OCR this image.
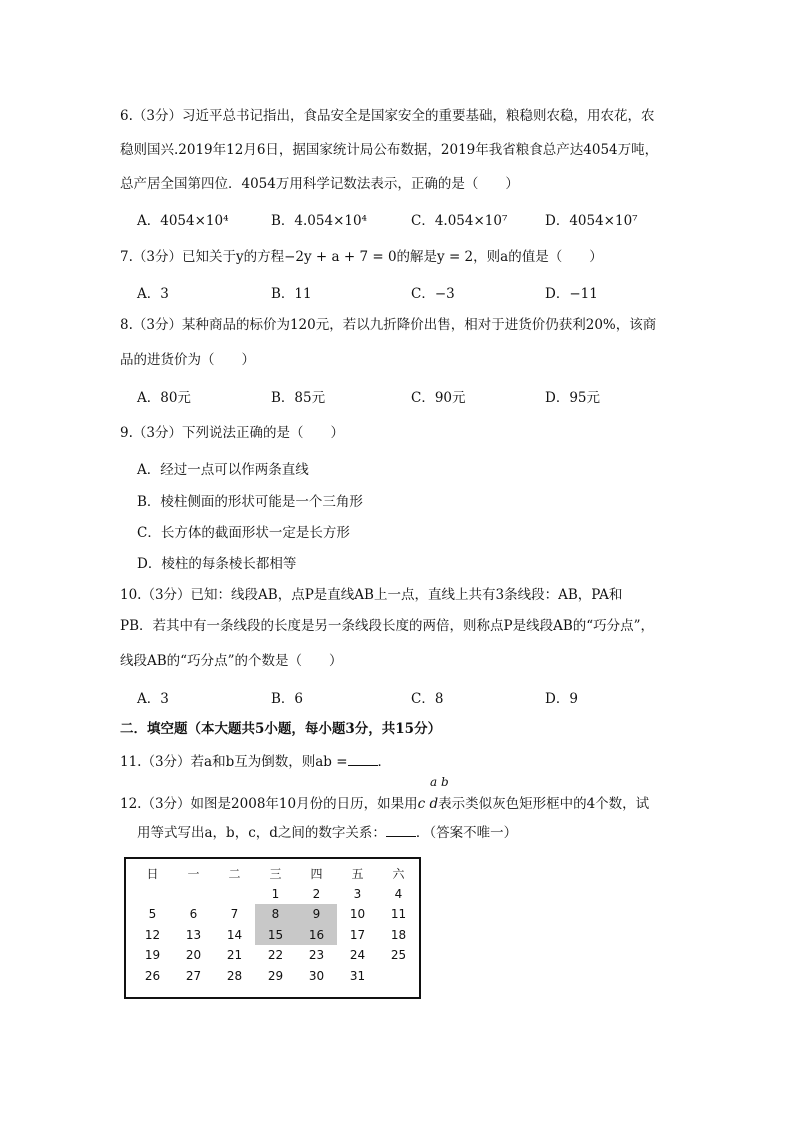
6.（3分）习近平总书记指出，食品安全是国家安全的重要基础，粮稳则农稳，用农花，农
稳则国兴.2019年12月6日，据国家统计局公布数据，2019年我省粮食总产达4054万吨，
总产居全国第四位．4054万用科学记数法表示，正确的是（　　）
A．4054×10⁴	B．4.054×10⁴	C．4.054×10⁷	D．4054×10⁷
7.（3分）已知关于y的方程−2y + a + 7 = 0的解是y = 2，则a的值是（　　）
A．3	B．11	C．−3	D．−11
8.（3分）某种商品的标价为120元，若以九折降价出售，相对于进货价仍获利20%，该商
品的进货价为（　　）
A．80元	B．85元	C．90元	D．95元
9.（3分）下列说法正确的是（　　）
A．经过一点可以作两条直线
B．棱柱侧面的形状可能是一个三角形
C．长方体的截面形状一定是长方形
D．棱柱的每条棱长都相等
10.（3分）已知：线段AB，点P是直线AB上一点，直线上共有3条线段：AB，PA和
PB．若其中有一条线段的长度是另一条线段长度的两倍，则称点P是线段AB的“巧分点”，
线段AB的“巧分点”的个数是（　　）
A．3	B．6	C．8	D．9
二．填空题（本大题共5小题，每小题3分，共15分）
11.（3分）若a和b互为倒数，则ab = ．
a b
12.（3分）如图是2008年10月份的日历，如果用c d表示类似灰色矩形框中的4个数，试
用等式写出a，b，c，d之间的数字关系： ．（答案不唯一）
日	一	二	三	四	五	六
			1	2	3	4
5	6	7	8	9	10	11
12	13	14	15	16	17	18
19	20	21	22	23	24	25
26	27	28	29	30	31	
